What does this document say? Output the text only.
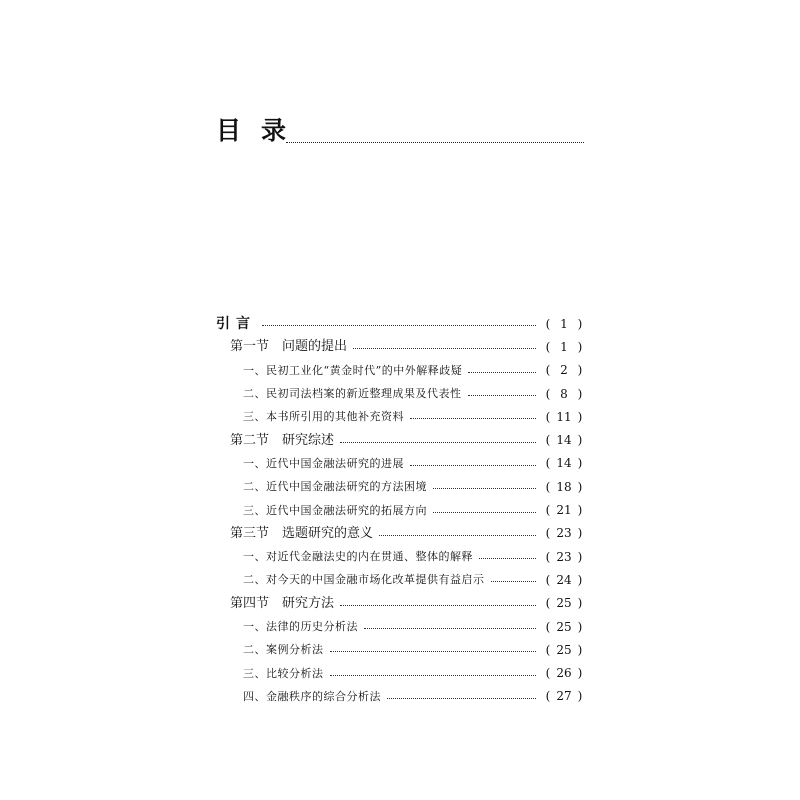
目录
引言	( 1 )
第一节　问题的提出	( 1 )
一、民初工业化“黄金时代”的中外解释歧疑	( 2 )
二、民初司法档案的新近整理成果及代表性	( 8 )
三、本书所引用的其他补充资料	( 11 )
第二节　研究综述	( 14 )
一、近代中国金融法研究的进展	( 14 )
二、近代中国金融法研究的方法困境	( 18 )
三、近代中国金融法研究的拓展方向	( 21 )
第三节　选题研究的意义	( 23 )
一、对近代金融法史的内在贯通、整体的解释	( 23 )
二、对今天的中国金融市场化改革提供有益启示	( 24 )
第四节　研究方法	( 25 )
一、法律的历史分析法	( 25 )
二、案例分析法	( 25 )
三、比较分析法	( 26 )
四、金融秩序的综合分析法	( 27 )
